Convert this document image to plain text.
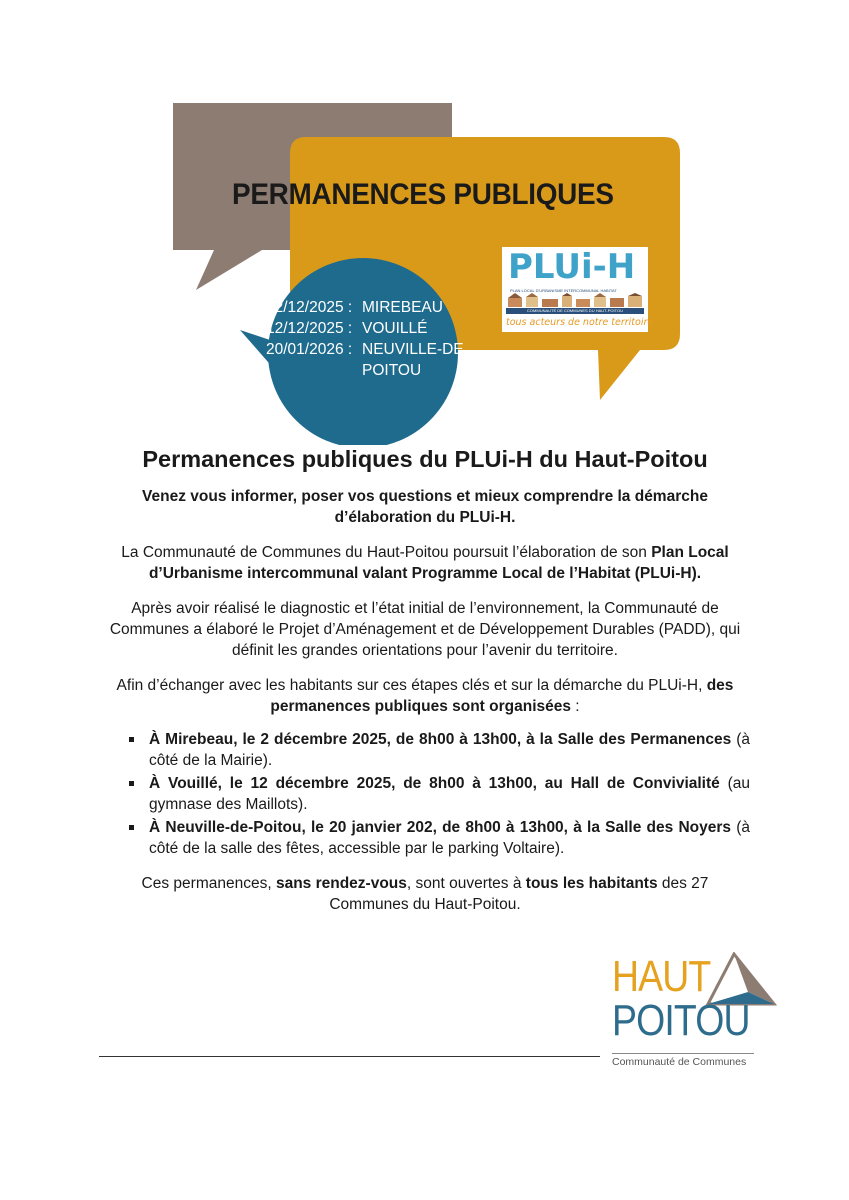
PERMANENCES PUBLIQUES
02/12/2025 : MIREBEAU
12/12/2025 : VOUILLÉ
20/01/2026 : NEUVILLE-DE POITOU
PLUi-H
PLAN LOCAL D'URBANISME INTERCOMMUNAL HABITAT
COMMUNAUTÉ DE COMMUNES DU HAUT-POITOU
tous acteurs de notre territoire
Permanences publiques du PLUi-H du Haut-Poitou

Venez vous informer, poser vos questions et mieux comprendre la démarche d’élaboration du PLUi-H.

La Communauté de Communes du Haut-Poitou poursuit l’élaboration de son Plan Local d’Urbanisme intercommunal valant Programme Local de l’Habitat (PLUi-H).

Après avoir réalisé le diagnostic et l’état initial de l’environnement, la Communauté de Communes a élaboré le Projet d’Aménagement et de Développement Durables (PADD), qui définit les grandes orientations pour l’avenir du territoire.

Afin d’échanger avec les habitants sur ces étapes clés et sur la démarche du PLUi-H, des permanences publiques sont organisées :

À Mirebeau, le 2 décembre 2025, de 8h00 à 13h00, à la Salle des Permanences (à côté de la Mairie).
À Vouillé, le 12 décembre 2025, de 8h00 à 13h00, au Hall de Convivialité (au gymnase des Maillots).
À Neuville-de-Poitou, le 20 janvier 202, de 8h00 à 13h00, à la Salle des Noyers (à côté de la salle des fêtes, accessible par le parking Voltaire).

Ces permanences, sans rendez-vous, sont ouvertes à tous les habitants des 27 Communes du Haut-Poitou.

HAUT
POITOU
Communauté de Communes
